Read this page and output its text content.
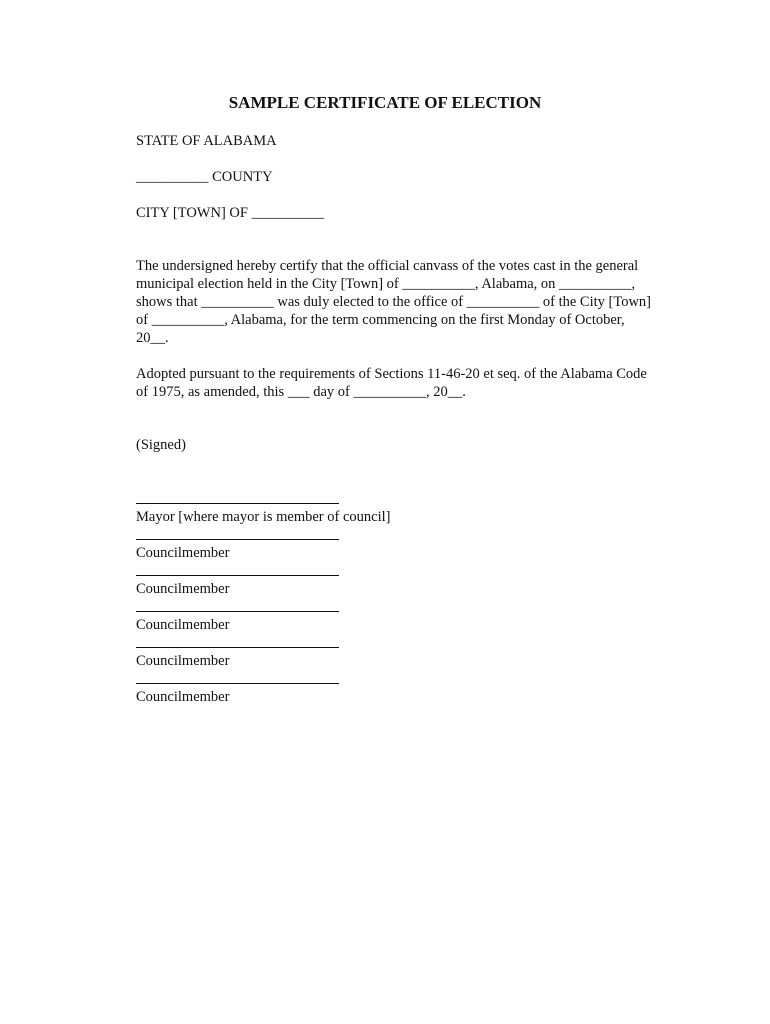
SAMPLE CERTIFICATE OF ELECTION

STATE OF ALABAMA

__________ COUNTY

CITY [TOWN] OF __________

The undersigned hereby certify that the official canvass of the votes cast in the general
municipal election held in the City [Town] of __________, Alabama, on __________,
shows that __________ was duly elected to the office of __________ of the City [Town]
of __________, Alabama, for the term commencing on the first Monday of October,
20__.
Adopted pursuant to the requirements of Sections 11-46-20 et seq. of the Alabama Code
of 1975, as amended, this ___ day of __________, 20__.

(Signed)

Mayor [where mayor is member of council]
Councilmember
Councilmember
Councilmember
Councilmember
Councilmember
